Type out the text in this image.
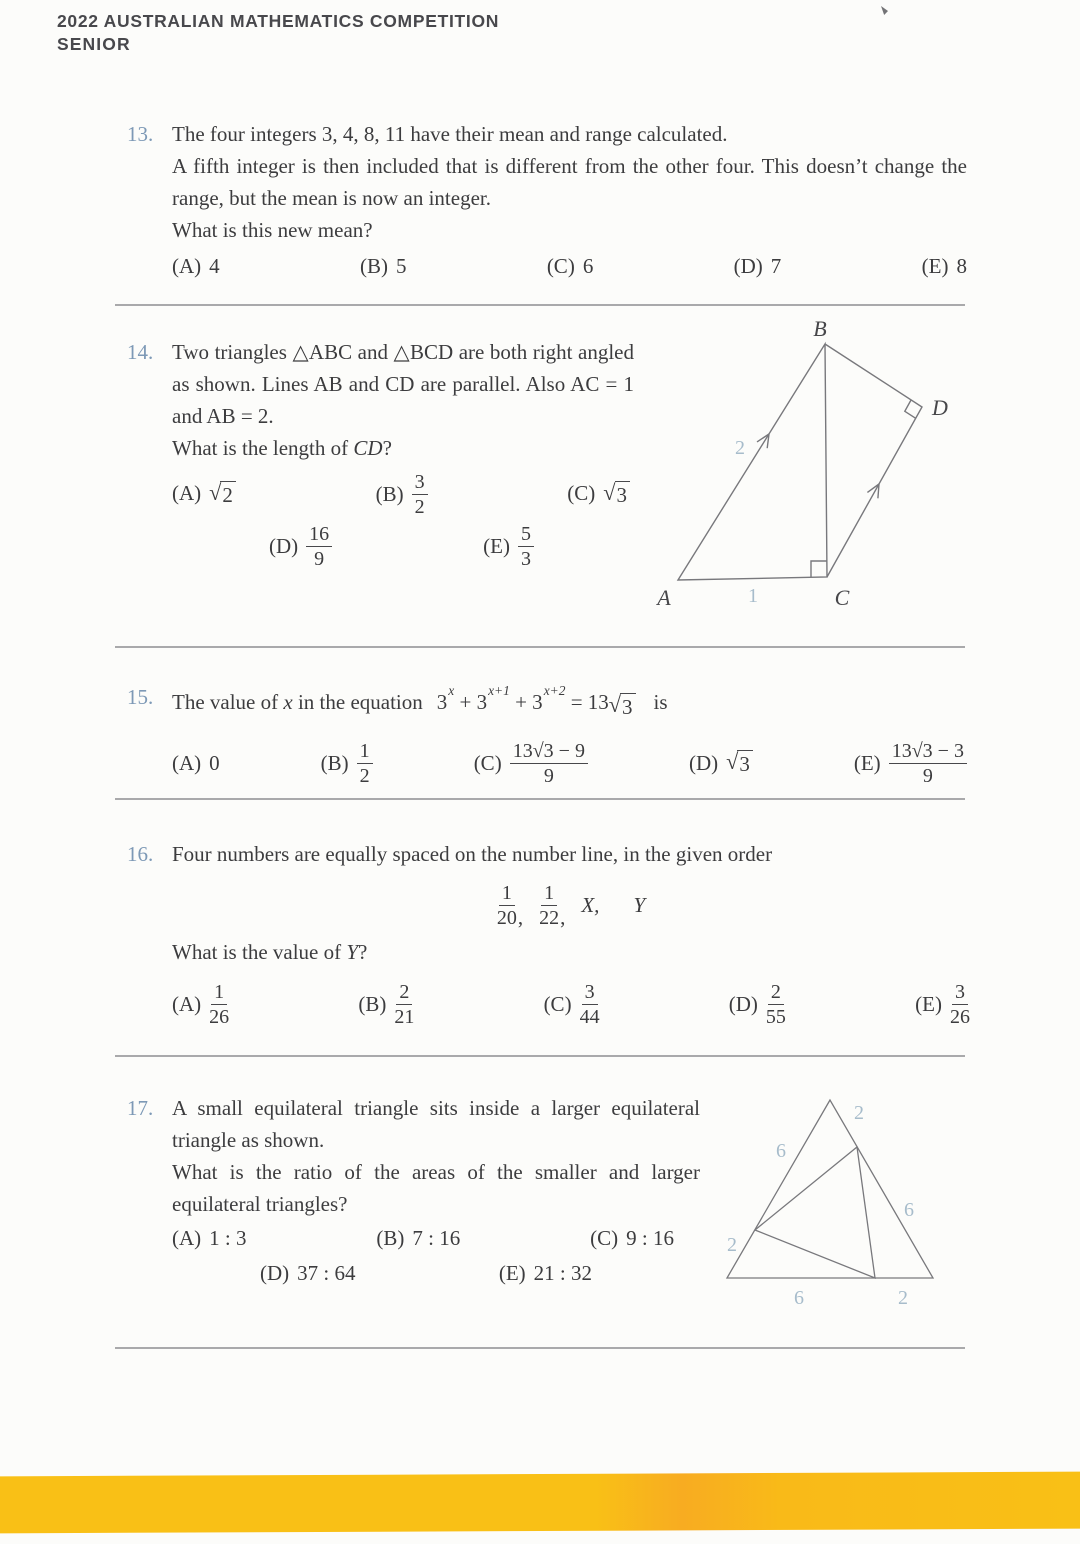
2022 AUSTRALIAN MATHEMATICS COMPETITION
SENIOR
13. The four integers 3, 4, 8, 11 have their mean and range calculated.

A fifth integer is then included that is different from the other four. This doesn’t change the range, but the mean is now an integer.

What is this new mean?

(A) 4	(B) 5	(C) 6	(D) 7	(E) 8
14. Two triangles △ABC and △BCD are both right angled as shown. Lines AB and CD are parallel. Also AC = 1 and AB = 2.

What is the length of CD?

(A) √ 2	$(B) \frac{3}{2}$	(C) √ 3
$(D) \frac{16}{9}$	$(E) \frac{5}{3}$
B
D
A	C
2
1
15. The value of x in the equation $3^x + 3^{x+1} + 3^{x+2} = 13$ √ 3 is

(A) 0	$(B) \frac{1}{2}$	$(C) \frac{13√3 - 9}{9}$	(D) √ 3	$(E) \frac{13√3 - 3}{9}$
16. Four numbers are equally spaced on the number line, in the given order

$\frac{1}{20}$ , $\frac{1}{22}$ ,
X, Y

What is the value of Y?

$(A) \frac{1}{26}$	$(B) \frac{2}{21}$	$(C) \frac{3}{44}$	$(D) \frac{2}{55}$	$(E) \frac{3}{26}$
17. A small equilateral triangle sits inside a larger equilateral triangle as shown.

What is the ratio of the areas of the smaller and larger equilateral triangles?

(A) 1 : 3	(B) 7 : 16	(C) 9 : 16
(D) 37 : 64	(E) 21 : 32
2
6
6
2
6	2
